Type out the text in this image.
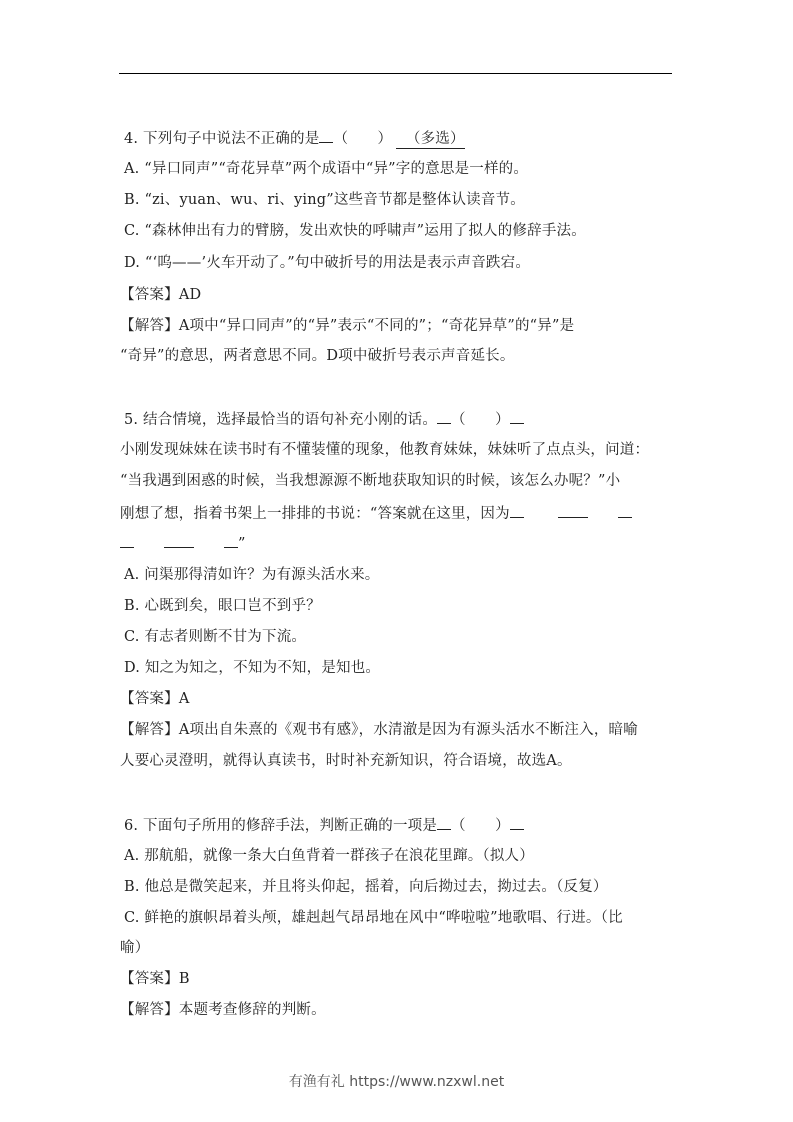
4. 下列句子中说法不正确的是 （　　） （多选）
A. “异口同声”“奇花异草”两个成语中“异”字的意思是一样的。
B. “zi、yuan、wu、ri、ying”这些音节都是整体认读音节。
C. “森林伸出有力的臂膀，发出欢快的呼啸声”运用了拟人的修辞手法。
D. “‘呜——’火车开动了。”句中破折号的用法是表示声音跌宕。
【答案】AD
【解答】A项中“异口同声”的“异”表示“不同的”；“奇花异草”的“异”是
“奇异”的意思，两者意思不同。D项中破折号表示声音延长。
5. 结合情境，选择最恰当的语句补充小刚的话。 （　　）
小刚发现妹妹在读书时有不懂装懂的现象，他教育妹妹，妹妹听了点点头，问道：
“当我遇到困惑的时候，当我想源源不断地获取知识的时候，该怎么办呢？”小
刚想了想，指着书架上一排排的书说：“答案就在这里，因为
”
A. 问渠那得清如许？为有源头活水来。
B. 心既到矣，眼口岂不到乎？
C. 有志者则断不甘为下流。
D. 知之为知之，不知为不知，是知也。
【答案】A
【解答】A项出自朱熹的《观书有感》，水清澈是因为有源头活水不断注入，暗喻
人要心灵澄明，就得认真读书，时时补充新知识，符合语境，故选A。
6. 下面句子所用的修辞手法，判断正确的一项是 （　　）
A. 那航船，就像一条大白鱼背着一群孩子在浪花里蹿。（拟人）
B. 他总是微笑起来，并且将头仰起，摇着，向后拗过去，拗过去。（反复）
C. 鲜艳的旗帜昂着头颅，雄赳赳气昂昂地在风中“哗啦啦”地歌唱、行进。（比
喻）
【答案】B
【解答】本题考查修辞的判断。
有渔有礼 https://www.nzxwl.net
